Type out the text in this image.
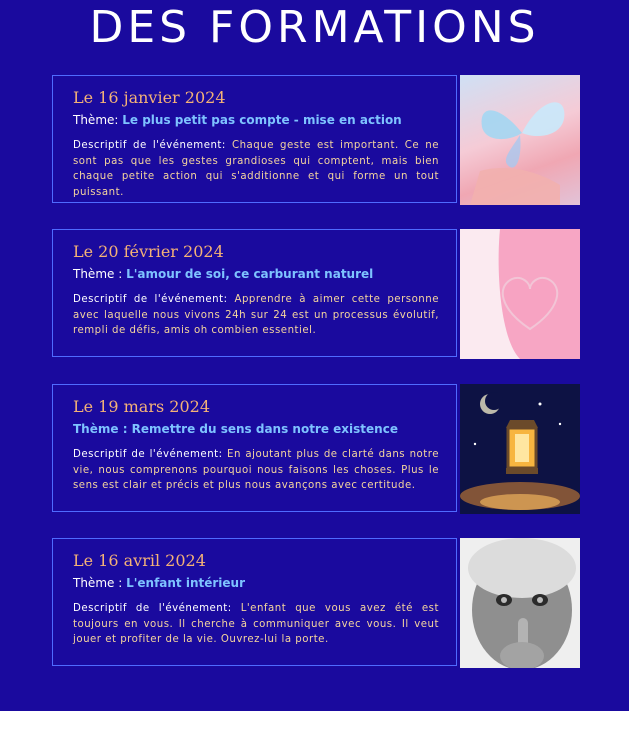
DES FORMATIONS
Le 16 janvier 2024
Thème: Le plus petit pas compte - mise en action
Descriptif de l'événement: Chaque geste est important. Ce ne sont pas que les gestes grandioses qui comptent, mais bien chaque petite action qui s'additionne et qui forme un tout puissant.
Le 20 février 2024
Thème : L'amour de soi, ce carburant naturel
Descriptif de l'événement: Apprendre à aimer cette personne avec laquelle nous vivons 24h sur 24 est un processus évolutif, rempli de défis, amis oh combien essentiel.
Le 19 mars 2024
Thème : Remettre du sens dans notre existence
Descriptif de l'événement: En ajoutant plus de clarté dans notre vie, nous comprenons pourquoi nous faisons les choses. Plus le sens est clair et précis et plus nous avançons avec certitude.
Le 16 avril 2024
Thème : L'enfant intérieur
Descriptif de l'événement: L'enfant que vous avez été est toujours en vous. Il cherche à communiquer avec vous. Il veut jouer et profiter de la vie. Ouvrez-lui la porte.
